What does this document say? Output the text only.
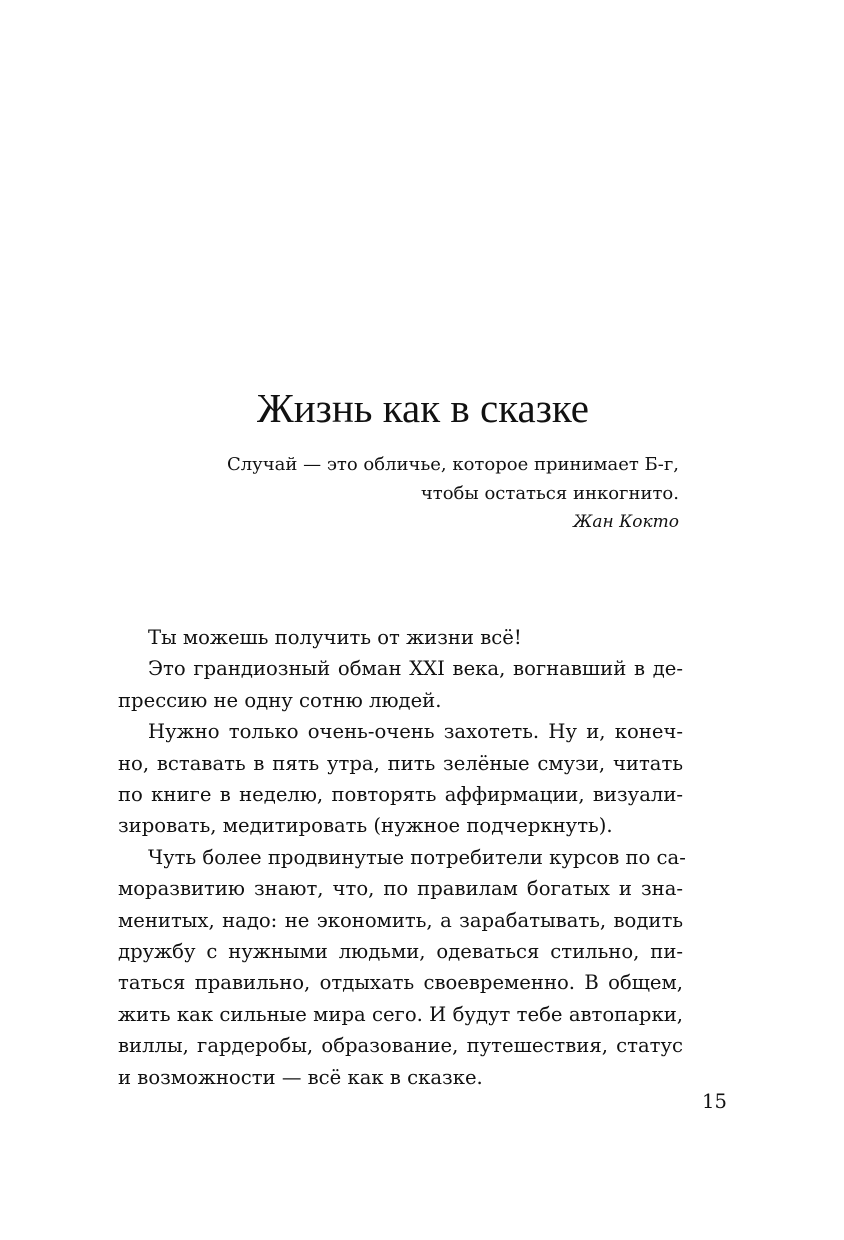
Жизнь как в сказке
Случай — это обличье, которое принимает Б-г,
чтобы остаться инкогнито.
Жан Кокто
Ты можешь получить от жизни всё!
Это грандиозный обман XXI века, вогнавший в де-
прессию не одну сотню людей.
Нужно только очень-очень захотеть. Ну и, конеч-
но, вставать в пять утра, пить зелёные смузи, читать
по книге в неделю, повторять аффирмации, визуали-
зировать, медитировать (нужное подчеркнуть).
Чуть более продвинутые потребители курсов по са-
моразвитию знают, что, по правилам богатых и зна-
менитых, надо: не экономить, а зарабатывать, водить
дружбу с нужными людьми, одеваться стильно, пи-
таться правильно, отдыхать своевременно. В общем,
жить как сильные мира сего. И будут тебе автопарки,
виллы, гардеробы, образование, путешествия, статус
и возможности — всё как в сказке.
15
